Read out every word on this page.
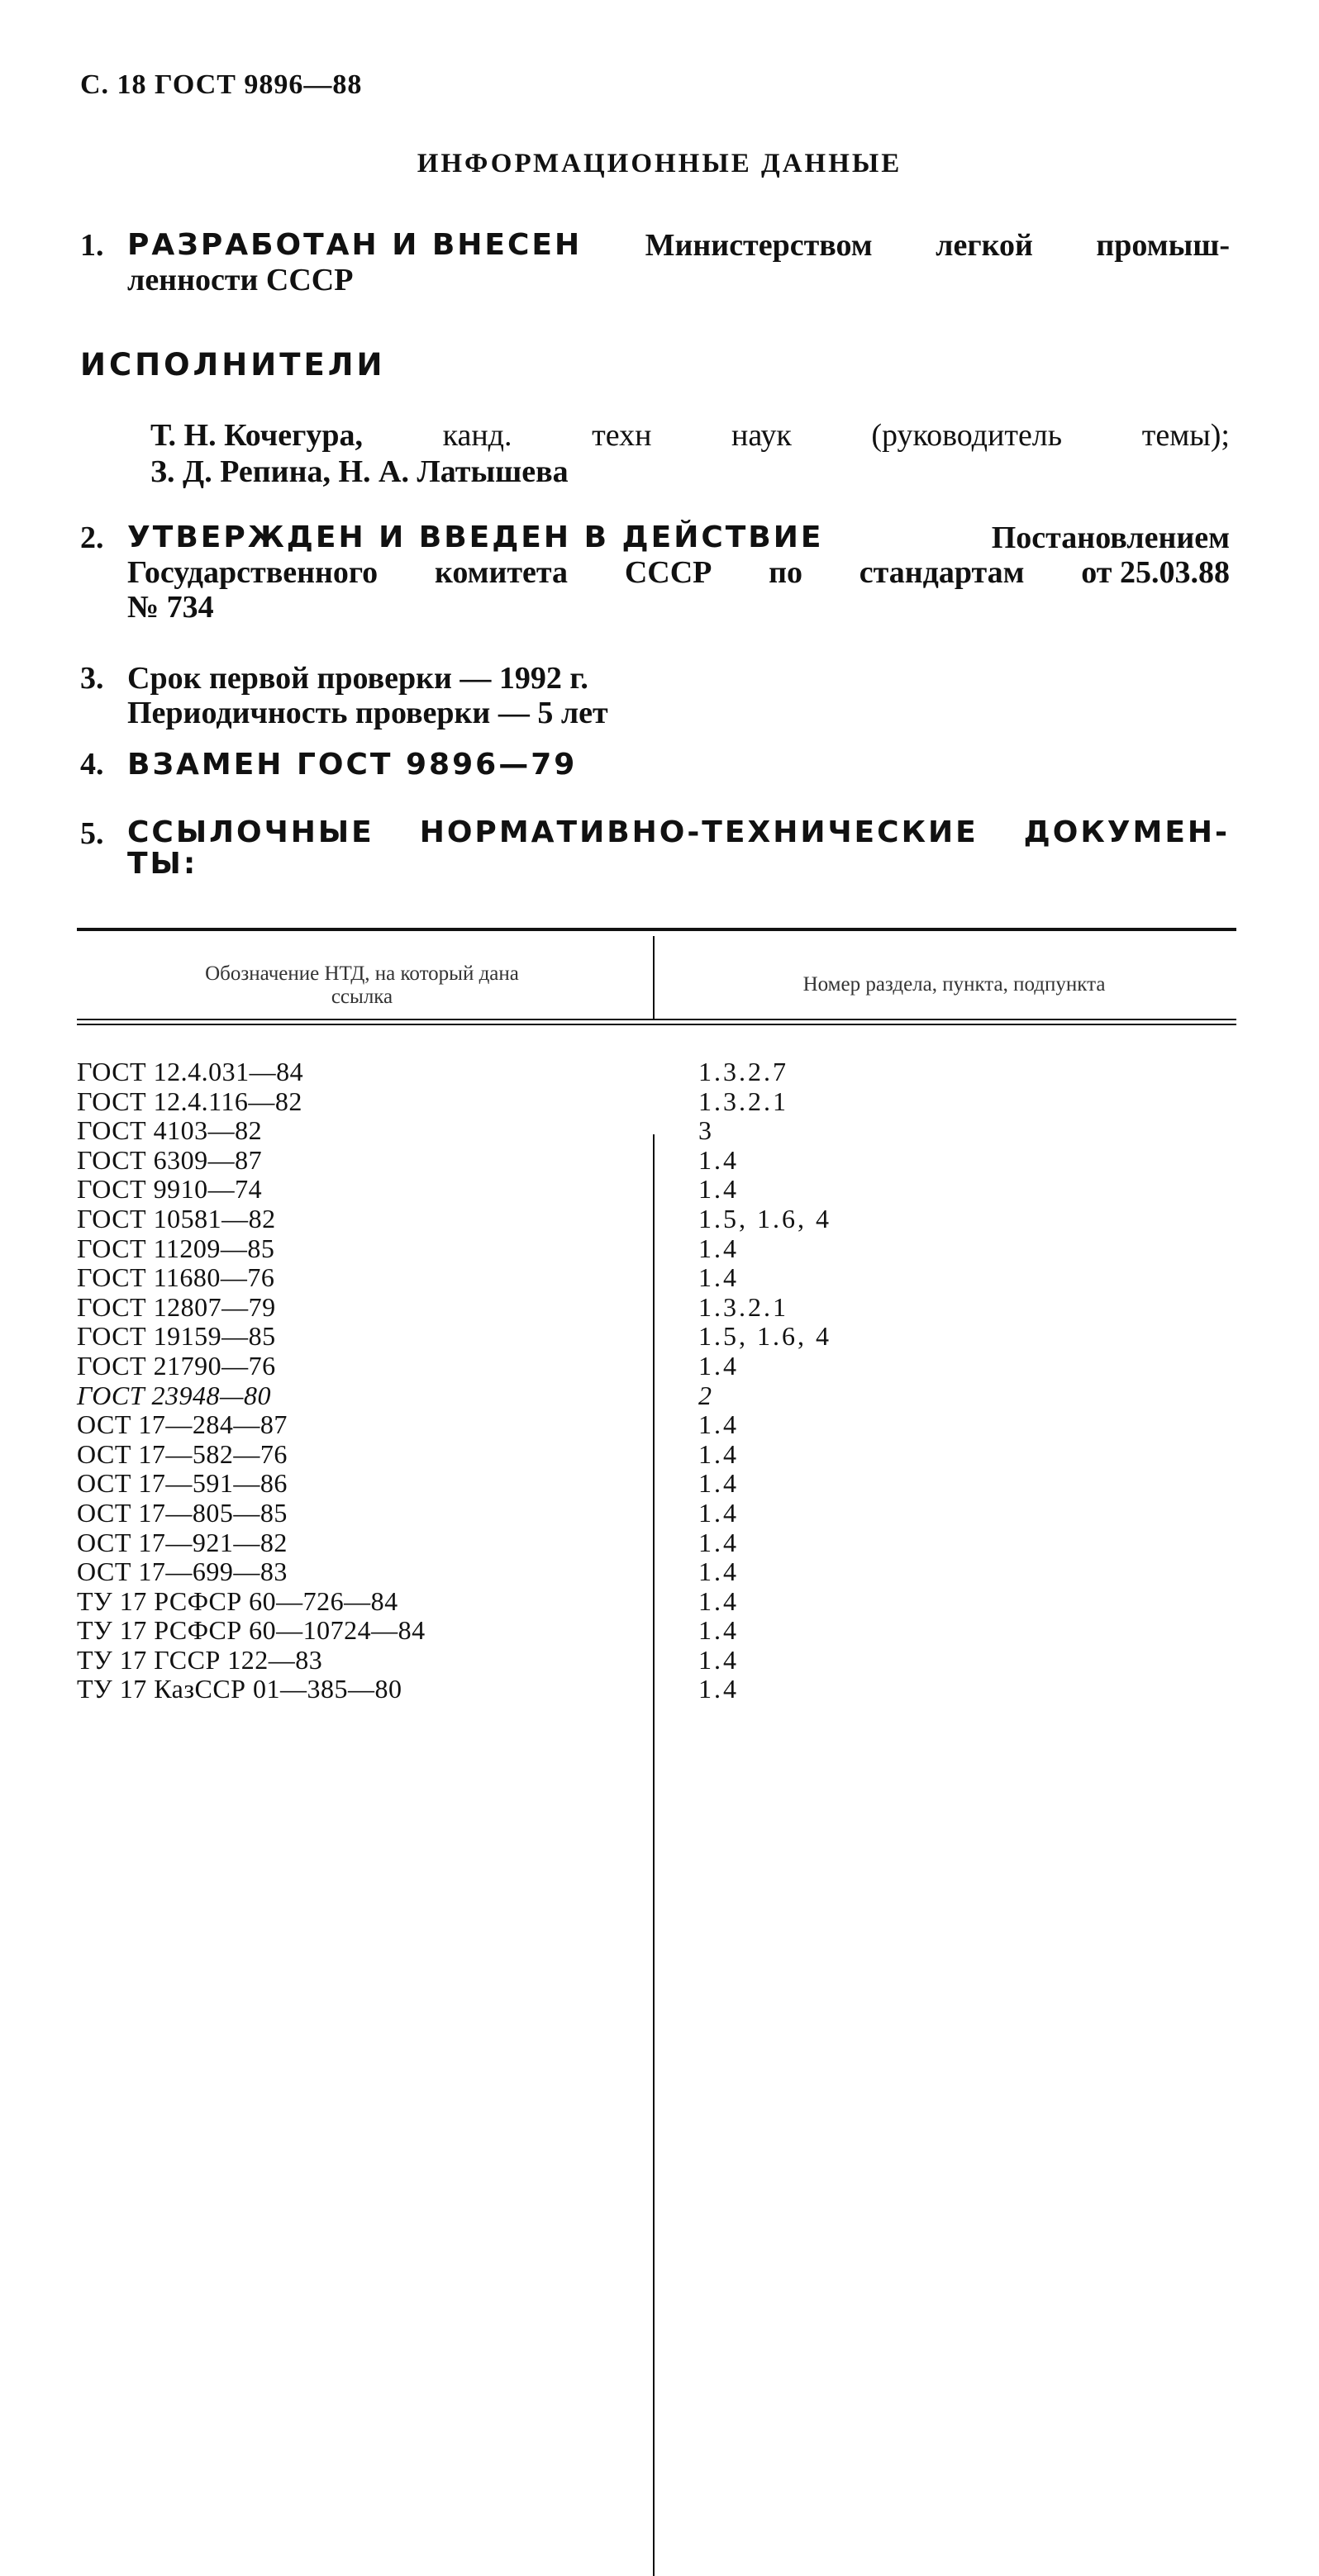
С. 18 ГОСТ 9896—88
ИНФОРМАЦИОННЫЕ ДАННЫЕ
1. РАЗРАБОТАН И ВНЕСЕН Министерством легкой промыш-
ленности СССР
ИСПОЛНИТЕЛИ
Т. Н. Кочегура,	канд.	техн	наук	(руководитель	темы);
З. Д. Репина, Н. А. Латышева
2. УТВЕРЖДЕН И ВВЕДЕН В ДЕЙСТВИЕ	Постановлением
Государственного комитета СССР по стандартам от 25.03.88
№ 734
3. Срок первой проверки — 1992 г.
Периодичность проверки — 5 лет
4. ВЗАМЕН ГОСТ 9896—79
5. ССЫЛОЧНЫЕ НОРМАТИВНО-ТЕХНИЧЕСКИЕ ДОКУМЕН-
ТЫ:
Обозначение НТД, на который дана
ссылка
Номер раздела, пункта, подпункта
ГОСТ 12.4.031—84	1.3.2.7
ГОСТ 12.4.116—82	1.3.2.1
ГОСТ 4103—82	3
ГОСТ 6309—87	1.4
ГОСТ 9910—74	1.4
ГОСТ 10581—82	1.5, 1.6, 4
ГОСТ 11209—85	1.4
ГОСТ 11680—76	1.4
ГОСТ 12807—79	1.3.2.1
ГОСТ 19159—85	1.5, 1.6, 4
ГОСТ 21790—76	1.4
ГОСТ 23948—80	2
ОСТ 17—284—87	1.4
ОСТ 17—582—76	1.4
ОСТ 17—591—86	1.4
ОСТ 17—805—85	1.4
ОСТ 17—921—82	1.4
ОСТ 17—699—83	1.4
ТУ 17 РСФСР 60—726—84	1.4
ТУ 17 РСФСР 60—10724—84	1.4
ТУ 17 ГССР 122—83	1.4
ТУ 17 КазССР 01—385—80	1.4
